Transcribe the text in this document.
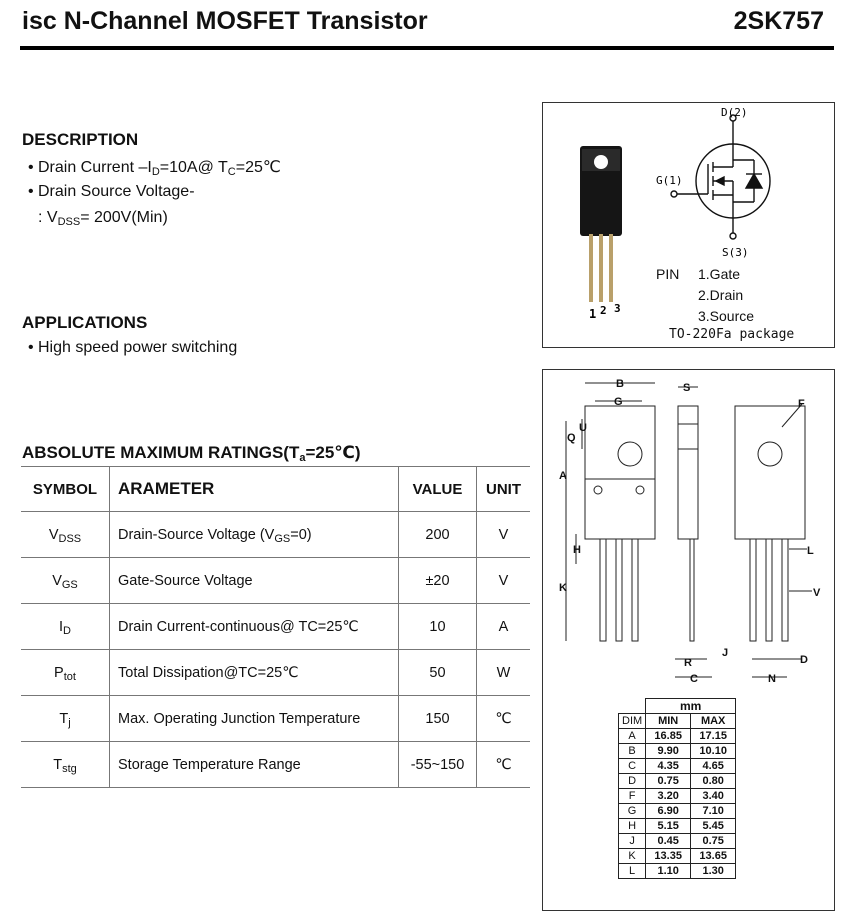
isc N-Channel MOSFET Transistor	2SK757
DESCRIPTION
• Drain Current $-I_D=10A@$ $T_C=25℃$
• Drain Source Voltage-
: $V_{DSS}= 200V(Min)$
APPLICATIONS
• High speed power switching
ABSOLUTE MAXIMUM $RATINGS(T_a=25℃)$
SYMBOL	ARAMETER	VALUE	UNIT
$V_{DSS}$	Drain-Source Voltage $(V_{GS}=0)$	200	V
$V_{GS}$	Gate-Source Voltage	±20	V
$I_D$	Drain Current-continuous@ TC=25℃	10	A
$P_{tot}$	Total Dissipation@TC=25℃	50	W
$T_j$	Max. Operating Junction Temperature	150	℃
$T_{stg}$	Storage Temperature Range	-55~150	℃
1 2 3
D(2)
G(1)
S(3)
PIN 1.Gate
2.Drain
3.Source
TO-220Fa package
B
G
S
F
U
Q
A
H
K
L
V
D
R
C
J
N
	mm	
DIM	MIN	MAX
A	16.85	17.15
B	9.90	10.10
C	4.35	4.65
D	0.75	0.80
F	3.20	3.40
G	6.90	7.10
H	5.15	5.45
J	0.45	0.75
K	13.35	13.65
L	1.10	1.30
